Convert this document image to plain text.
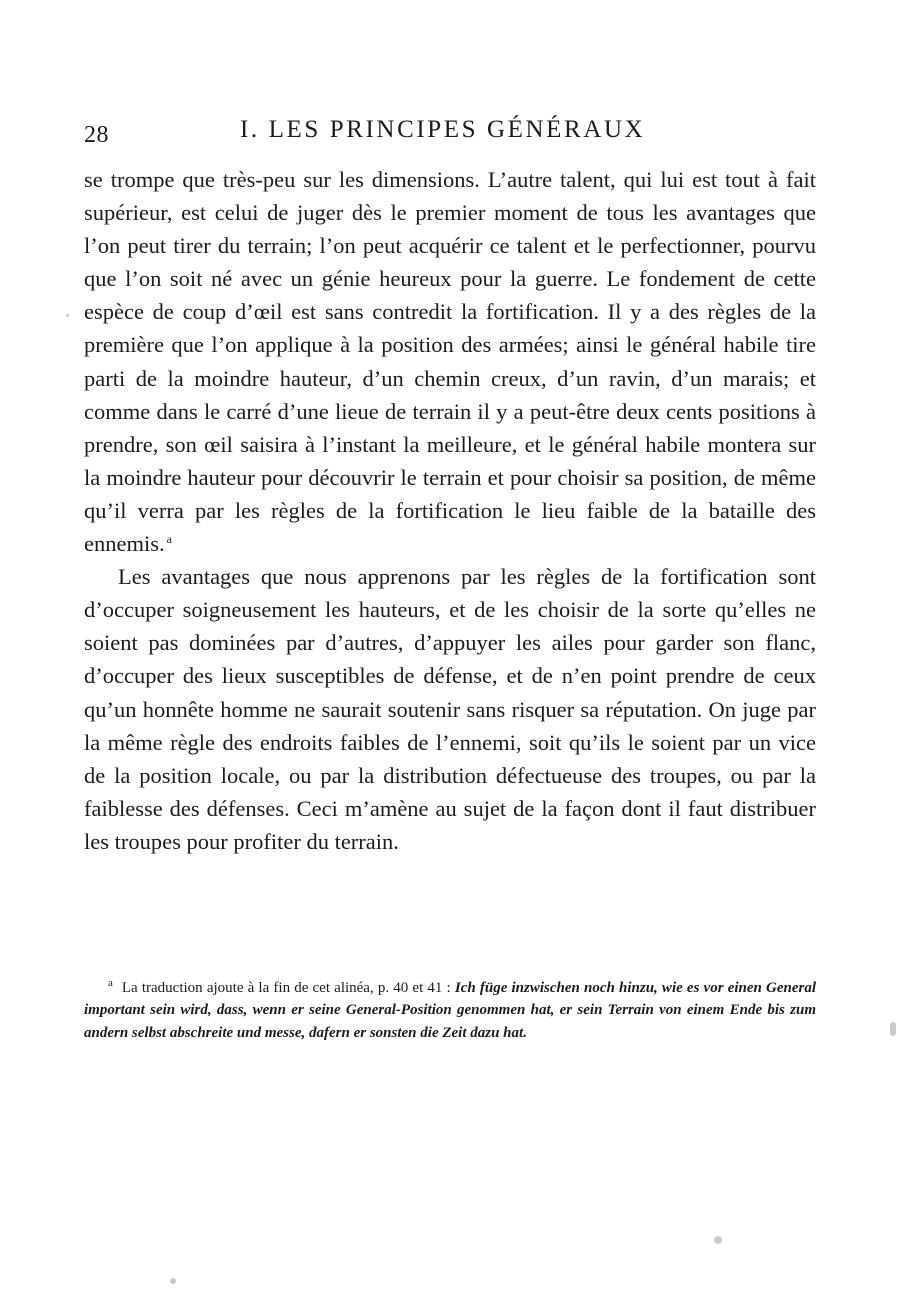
28	I. LES PRINCIPES GÉNÉRAUX

se trompe que très-peu sur les dimensions. L’autre talent, qui lui est tout à fait supérieur, est celui de juger dès le premier moment de tous les avantages que l’on peut tirer du terrain; l’on peut acquérir ce talent et le perfectionner, pourvu que l’on soit né avec un génie heureux pour la guerre. Le fondement de cette espèce de coup d’œil est sans contredit la fortification. Il y a des règles de la première que l’on applique à la position des armées; ainsi le général habile tire parti de la moindre hauteur, d’un chemin creux, d’un ravin, d’un marais; et comme dans le carré d’une lieue de terrain il y a peut-être deux cents positions à prendre, son œil saisira à l’instant la meilleure, et le général habile montera sur la moindre hauteur pour découvrir le terrain et pour choisir sa position, de même qu’il verra par les règles de la fortification le lieu faible de la bataille des ennemis. $^a$

Les avantages que nous apprenons par les règles de la fortification sont d’occuper soigneusement les hauteurs, et de les choisir de la sorte qu’elles ne soient pas dominées par d’autres, d’appuyer les ailes pour garder son flanc, d’occuper des lieux susceptibles de défense, et de n’en point prendre de ceux qu’un honnête homme ne saurait soutenir sans risquer sa réputation. On juge par la même règle des endroits faibles de l’ennemi, soit qu’ils le soient par un vice de la position locale, ou par la distribution défectueuse des troupes, ou par la faiblesse des défenses. Ceci m’amène au sujet de la façon dont il faut distribuer les troupes pour profiter du terrain.

a La traduction ajoute à la fin de cet alinéa, p. 40 et 41 : Ich füge inzwischen noch hinzu, wie es vor einen General important sein wird, dass, wenn er seine General-Position genommen hat, er sein Terrain von einem Ende bis zum andern selbst abschreite und messe, dafern er sonsten die Zeit dazu hat.
